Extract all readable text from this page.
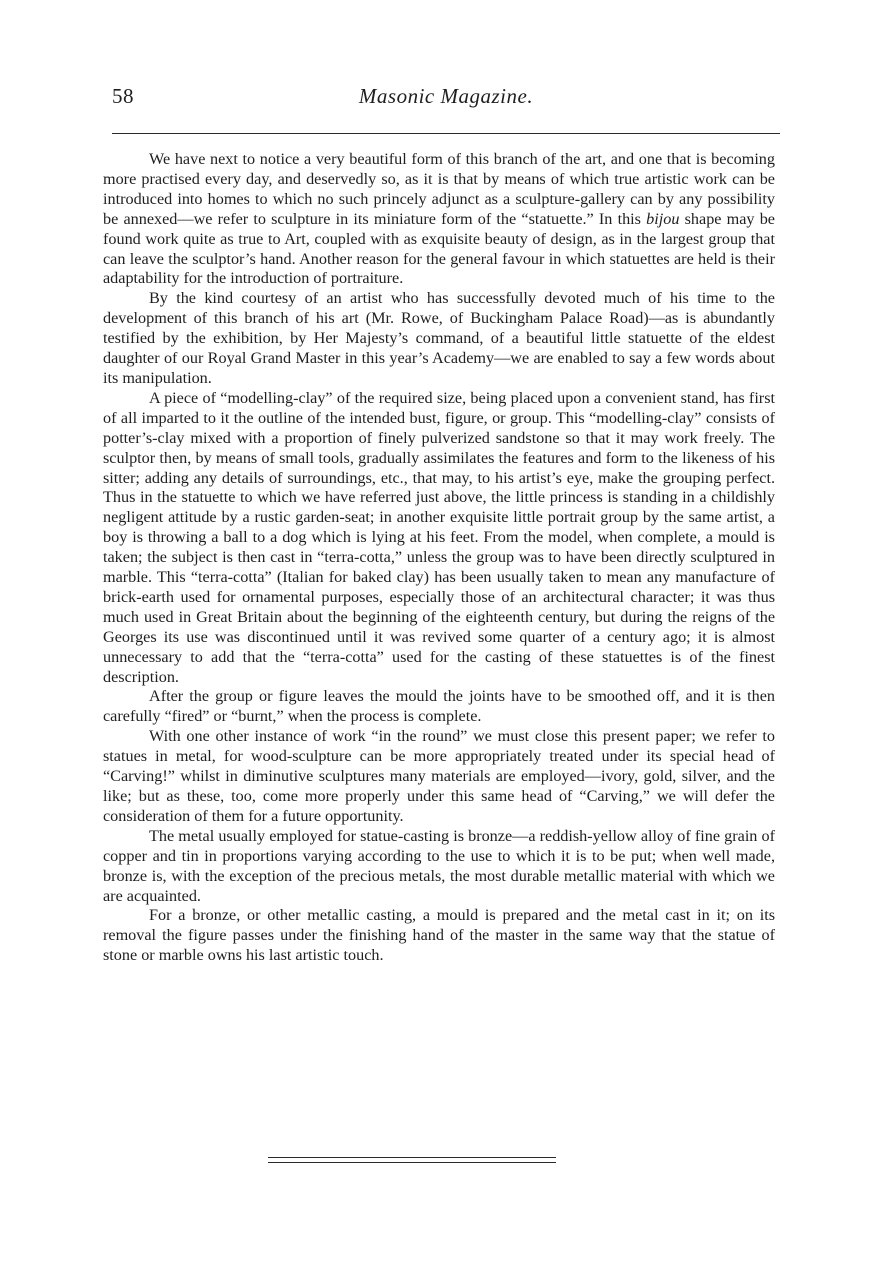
58	Masonic Magazine.

We have next to notice a very beautiful form of this branch of the art, and one that is becoming more practised every day, and deservedly so, as it is that by means of which true artistic work can be introduced into homes to which no such princely adjunct as a sculpture-gallery can by any possibility be annexed—we refer to sculpture in its miniature form of the “statuette.” In this bijou shape may be found work quite as true to Art, coupled with as exquisite beauty of design, as in the largest group that can leave the sculptor’s hand. Another reason for the general favour in which statuettes are held is their adaptability for the introduction of portraiture.

By the kind courtesy of an artist who has successfully devoted much of his time to the development of this branch of his art (Mr. Rowe, of Buckingham Palace Road)—as is abundantly testified by the exhibition, by Her Majesty’s command, of a beautiful little statuette of the eldest daughter of our Royal Grand Master in this year’s Academy—we are enabled to say a few words about its manipulation.

A piece of “modelling-clay” of the required size, being placed upon a convenient stand, has first of all imparted to it the outline of the intended bust, figure, or group. This “modelling-clay” consists of potter’s-clay mixed with a proportion of finely pulverized sandstone so that it may work freely. The sculptor then, by means of small tools, gradually assimilates the features and form to the likeness of his sitter; adding any details of surroundings, etc., that may, to his artist’s eye, make the grouping perfect. Thus in the statuette to which we have referred just above, the little princess is standing in a childishly negligent attitude by a rustic garden-seat; in another exquisite little portrait group by the same artist, a boy is throwing a ball to a dog which is lying at his feet. From the model, when complete, a mould is taken; the subject is then cast in “terra-cotta,” unless the group was to have been directly sculptured in marble. This “terra-cotta” (Italian for baked clay) has been usually taken to mean any manufacture of brick-earth used for ornamental purposes, especially those of an architectural character; it was thus much used in Great Britain about the beginning of the eighteenth century, but during the reigns of the Georges its use was discontinued until it was revived some quarter of a century ago; it is almost unnecessary to add that the “terra-cotta” used for the casting of these statuettes is of the finest description.

After the group or figure leaves the mould the joints have to be smoothed off, and it is then carefully “fired” or “burnt,” when the process is complete.

With one other instance of work “in the round” we must close this present paper; we refer to statues in metal, for wood-sculpture can be more appropriately treated under its special head of “Carving!” whilst in diminutive sculptures many materials are employed—ivory, gold, silver, and the like; but as these, too, come more properly under this same head of “Carving,” we will defer the consideration of them for a future opportunity.

The metal usually employed for statue-casting is bronze—a reddish-yellow alloy of fine grain of copper and tin in proportions varying according to the use to which it is to be put; when well made, bronze is, with the exception of the precious metals, the most durable metallic material with which we are acquainted.

For a bronze, or other metallic casting, a mould is prepared and the metal cast in it; on its removal the figure passes under the finishing hand of the master in the same way that the statue of stone or marble owns his last artistic touch.
